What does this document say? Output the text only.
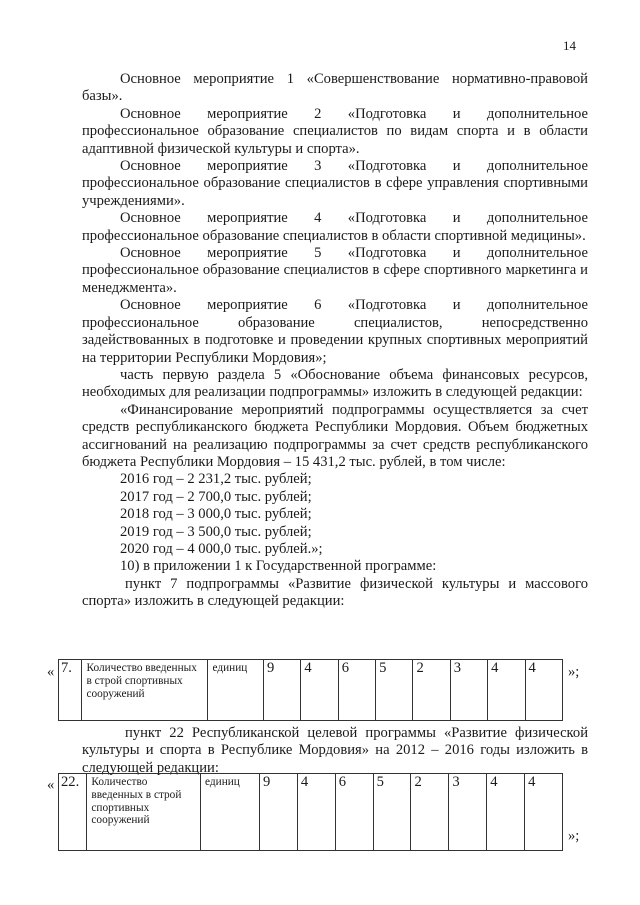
14

Основное мероприятие 1 «Совершенствование нормативно-правовой базы».

Основное мероприятие 2 «Подготовка и дополнительное профессиональное образование специалистов по видам спорта и в области адаптивной физической культуры и спорта».

Основное мероприятие 3 «Подготовка и дополнительное профессиональное образование специалистов в сфере управления спортивными учреждениями».

Основное мероприятие 4 «Подготовка и дополнительное профессиональное образование специалистов в области спортивной медицины».

Основное мероприятие 5 «Подготовка и дополнительное профессиональное образование специалистов в сфере спортивного маркетинга и менеджмента».

Основное мероприятие 6 «Подготовка и дополнительное профессиональное образование специалистов, непосредственно задействованных в подготовке и проведении крупных спортивных мероприятий на территории Республики Мордовия»;

часть первую раздела 5 «Обоснование объема финансовых ресурсов, необходимых для реализации подпрограммы» изложить в следующей редакции:

«Финансирование мероприятий подпрограммы осуществляется за счет средств республиканского бюджета Республики Мордовия. Объем бюджетных ассигнований на реализацию подпрограммы за счет средств республиканского бюджета Республики Мордовия – 15 431,2 тыс. рублей, в том числе:

2016 год – 2 231,2 тыс. рублей;

2017 год – 2 700,0 тыс. рублей;

2018 год – 3 000,0 тыс. рублей;

2019 год – 3 500,0 тыс. рублей;

2020 год – 4 000,0 тыс. рублей.»;

10) в приложении 1 к Государственной программе:

пункт 7 подпрограммы «Развитие физической культуры и массового спорта» изложить в следующей редакции:

« 7.	Количество введенных в строй спортивных сооружений	единиц	9	4	6	5	2	3	4	4 »;

пункт 22 Республиканской целевой программы «Развитие физической культуры и спорта в Республике Мордовия» на 2012 – 2016 годы изложить в следующей редакции:

« 22.	Количество введенных в строй спортивных сооружений	единиц	9	4	6	5	2	3	4	4
»;
